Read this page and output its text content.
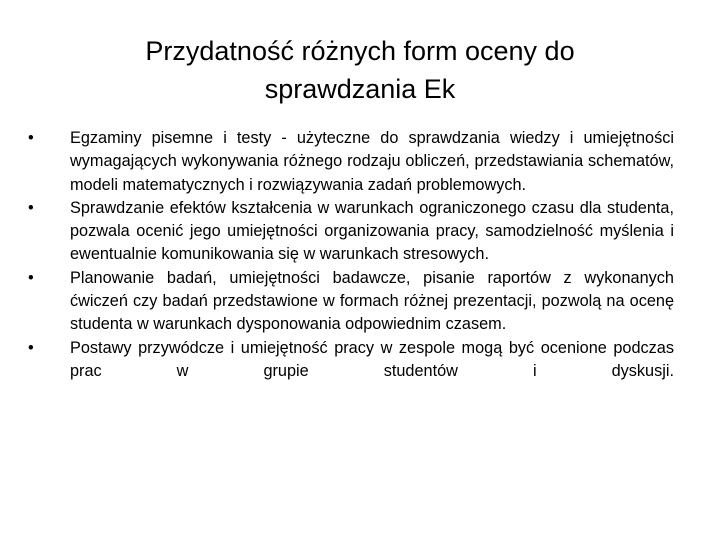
Przydatność różnych form oceny do
sprawdzania Ek
•	Egzaminy pisemne i testy - użyteczne do sprawdzania wiedzy i umiejętności wymagających wykonywania różnego rodzaju obliczeń, przedstawiania schematów, modeli matematycznych i rozwiązywania zadań problemowych.
•	Sprawdzanie efektów kształcenia w warunkach ograniczonego czasu dla studenta, pozwala ocenić jego umiejętności organizowania pracy, samodzielność myślenia i ewentualnie komunikowania się w warunkach stresowych.
•	Planowanie badań, umiejętności badawcze, pisanie raportów z wykonanych ćwiczeń czy badań przedstawione w formach różnej prezentacji, pozwolą na ocenę studenta w warunkach dysponowania odpowiednim czasem.
•	Postawy przywódcze i umiejętność pracy w zespole mogą być ocenione podczas prac w grupie studentów i dyskusji.
